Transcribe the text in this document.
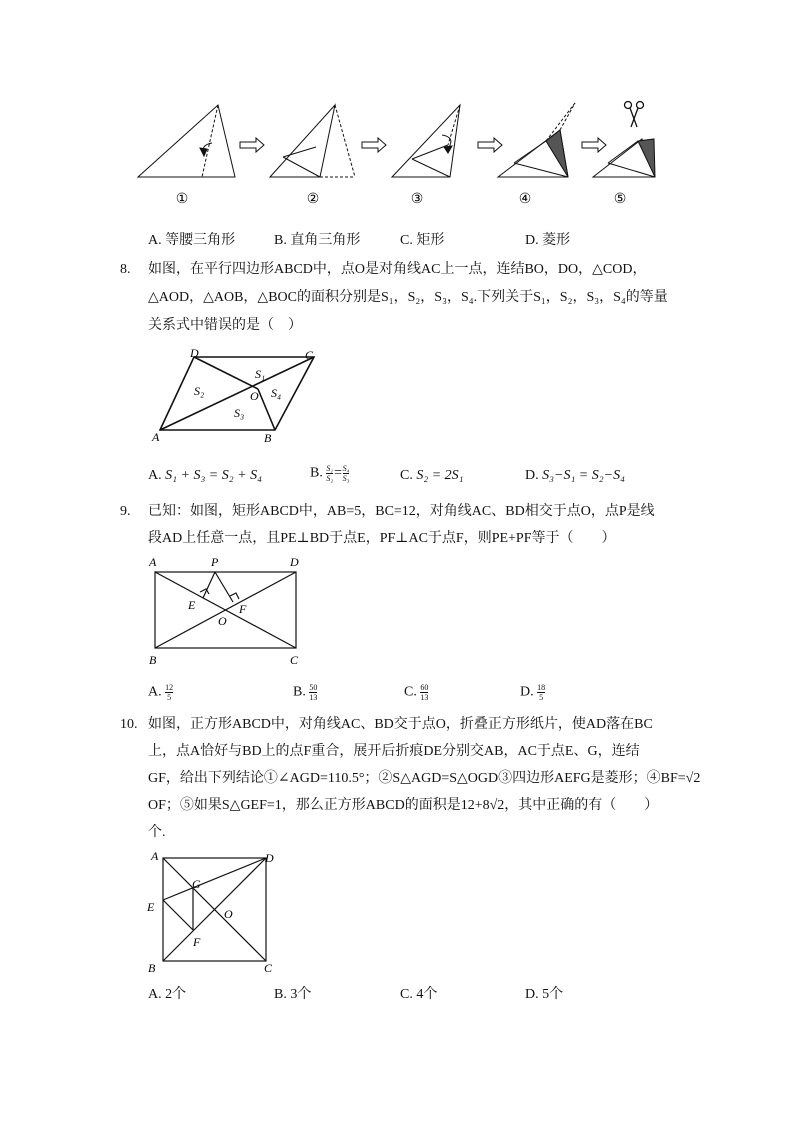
①	②	③	④	⑤
A. 等腰三角形	B. 直角三角形	C. 矩形	D. 菱形
8. 如图，在平行四边形ABCD中，点O是对角线AC上一点，连结BO，DO，△COD，
△AOD，△AOB，△BOC的面积分别是S₁，S₂，S₃，S₄.下列关于S₁，S₂，S₃，S₄的等量
关系式中错误的是（　）
D	C
A	B
O
S₁
S₂
S₃
S₄
A. S₁ + S₃ = S₂ + S₄	B. $\frac{\text{S₁}}{\text{S₂}} = \frac{\text{S₄}}{\text{S₃}}$	C. S₂ = 2S₁	D. S₃−S₁ = S₂−S₄
9. 已知：如图，矩形ABCD中，AB=5，BC=12，对角线AC、BD相交于点O，点P是线
段AD上任意一点，且PE⊥BD于点E，PF⊥AC于点F，则PE+PF等于（　　）
A	P	D
E	F
O
B	C
A. $\frac{12}{5}$	B. $\frac{50}{13}$	C. $\frac{60}{13}$	D. $\frac{18}{5}$
10. 如图，正方形ABCD中，对角线AC、BD交于点O，折叠正方形纸片，使AD落在BC
上，点A恰好与BD上的点F重合，展开后折痕DE分别交AB，AC于点E、G，连结
GF，给出下列结论①∠AGD=110.5°；②S△AGD=S△OGD③四边形AEFG是菱形；④BF=√2
OF；⑤如果S△GEF=1，那么正方形ABCD的面积是12+8√2，其中正确的有（　　）
个.
A	D
G
E	O
F
B	C
A. 2个	B. 3个	C. 4个	D. 5个
